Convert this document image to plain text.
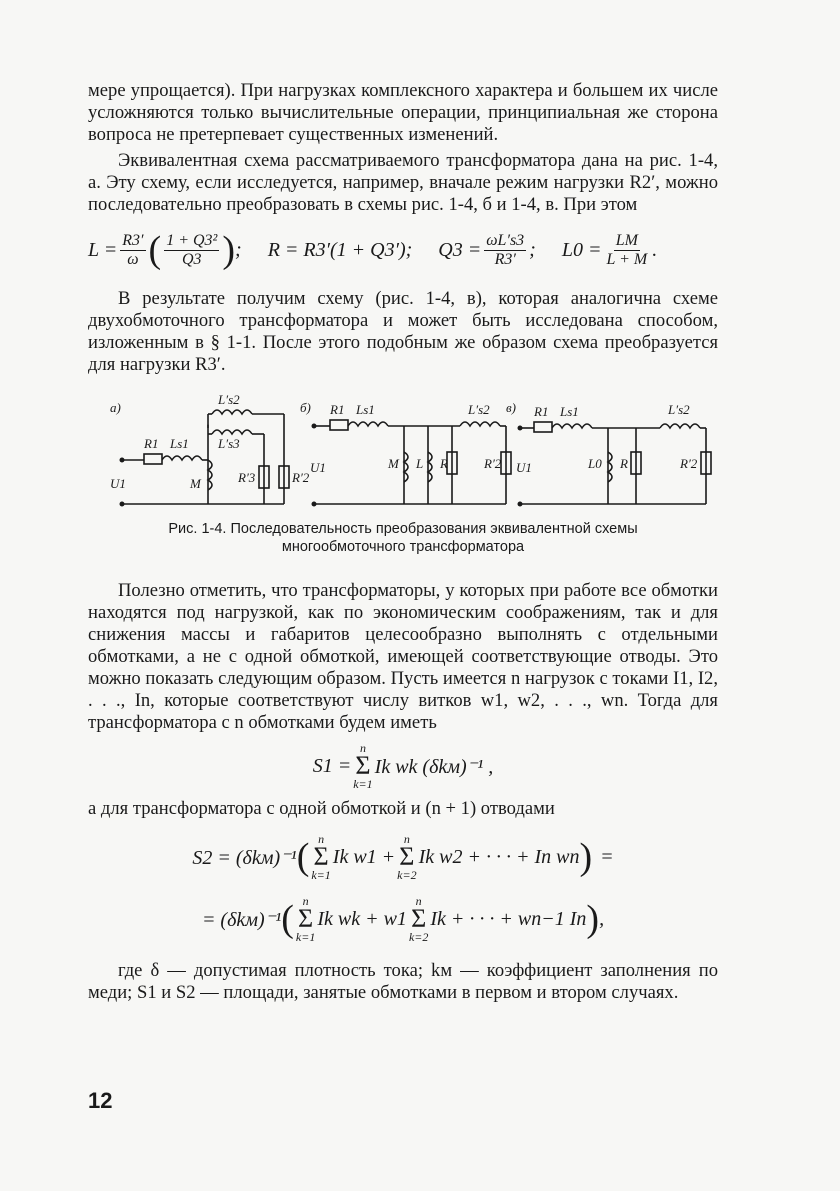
мере упрощается). При нагрузках комплексного характера и большем их числе усложняются только вычислительные операции, принципиальная же сторона вопроса не претерпевает существенных изменений.

Эквивалентная схема рассматриваемого трансформатора дана на рис. 1-4, а. Эту схему, если исследуется, например, вначале режим нагрузки R2′, можно последовательно преобразовать в схемы рис. 1-4, б и 1-4, в. При этом

$L = \frac{R3'}{\omega}$ ( $\frac{\text{1 + Q3²}}{Q3}$ ) ; R = R3′(1 + Q3′); $Q3 = \frac{\omega L's3}{R3'}$ ; $L0 = \frac{LM}{L + M}$ .

В результате получим схему (рис. 1-4, в), которая аналогична схеме двухобмоточного трансформатора и может быть исследована способом, изложенным в § 1-1. После этого подобным же образом схема преобразуется для нагрузки R3′.

а)
R1 Ls1
L′s2
L′s3
U1	M	R′3	R′2
б) R1 Ls1	L′s2
U1	M L R	R′2
в) R1 Ls1	L′s2
U1	L0 R	R′2

Рис. 1-4. Последовательность преобразования эквивалентной схемы многообмоточного трансформатора

Полезно отметить, что трансформаторы, у которых при работе все обмотки находятся под нагрузкой, как по экономическим соображениям, так и для снижения массы и габаритов целесообразно выполнять с отдельными обмотками, а не с одной обмоткой, имеющей соответствующие отводы. Это можно показать следующим образом. Пусть имеется n нагрузок с токами I1, I2, . . ., In, которые соответствуют числу витков w1, w2, . . ., wn. Тогда для трансформатора с n обмотками будем иметь

S1 =
n
Σ
k=1
Ik wk (δkм)⁻¹ ,

а для трансформатора с одной обмоткой и (n + 1) отводами

S2 = (δkм)⁻¹ ( n
Σ
k=1
Ik w1 +
n
Σ
k=2
Ik w2 + · · · + In wn ) =
= (δkм)⁻¹ ( n
Σ
k=1
Ik wk + w1
n
Σ
k=2
Ik + · · · + wn−1 In ) ,

где δ — допустимая плотность тока; kм — коэффициент заполнения по меди; S1 и S2 — площади, занятые обмотками в первом и втором случаях.

12
